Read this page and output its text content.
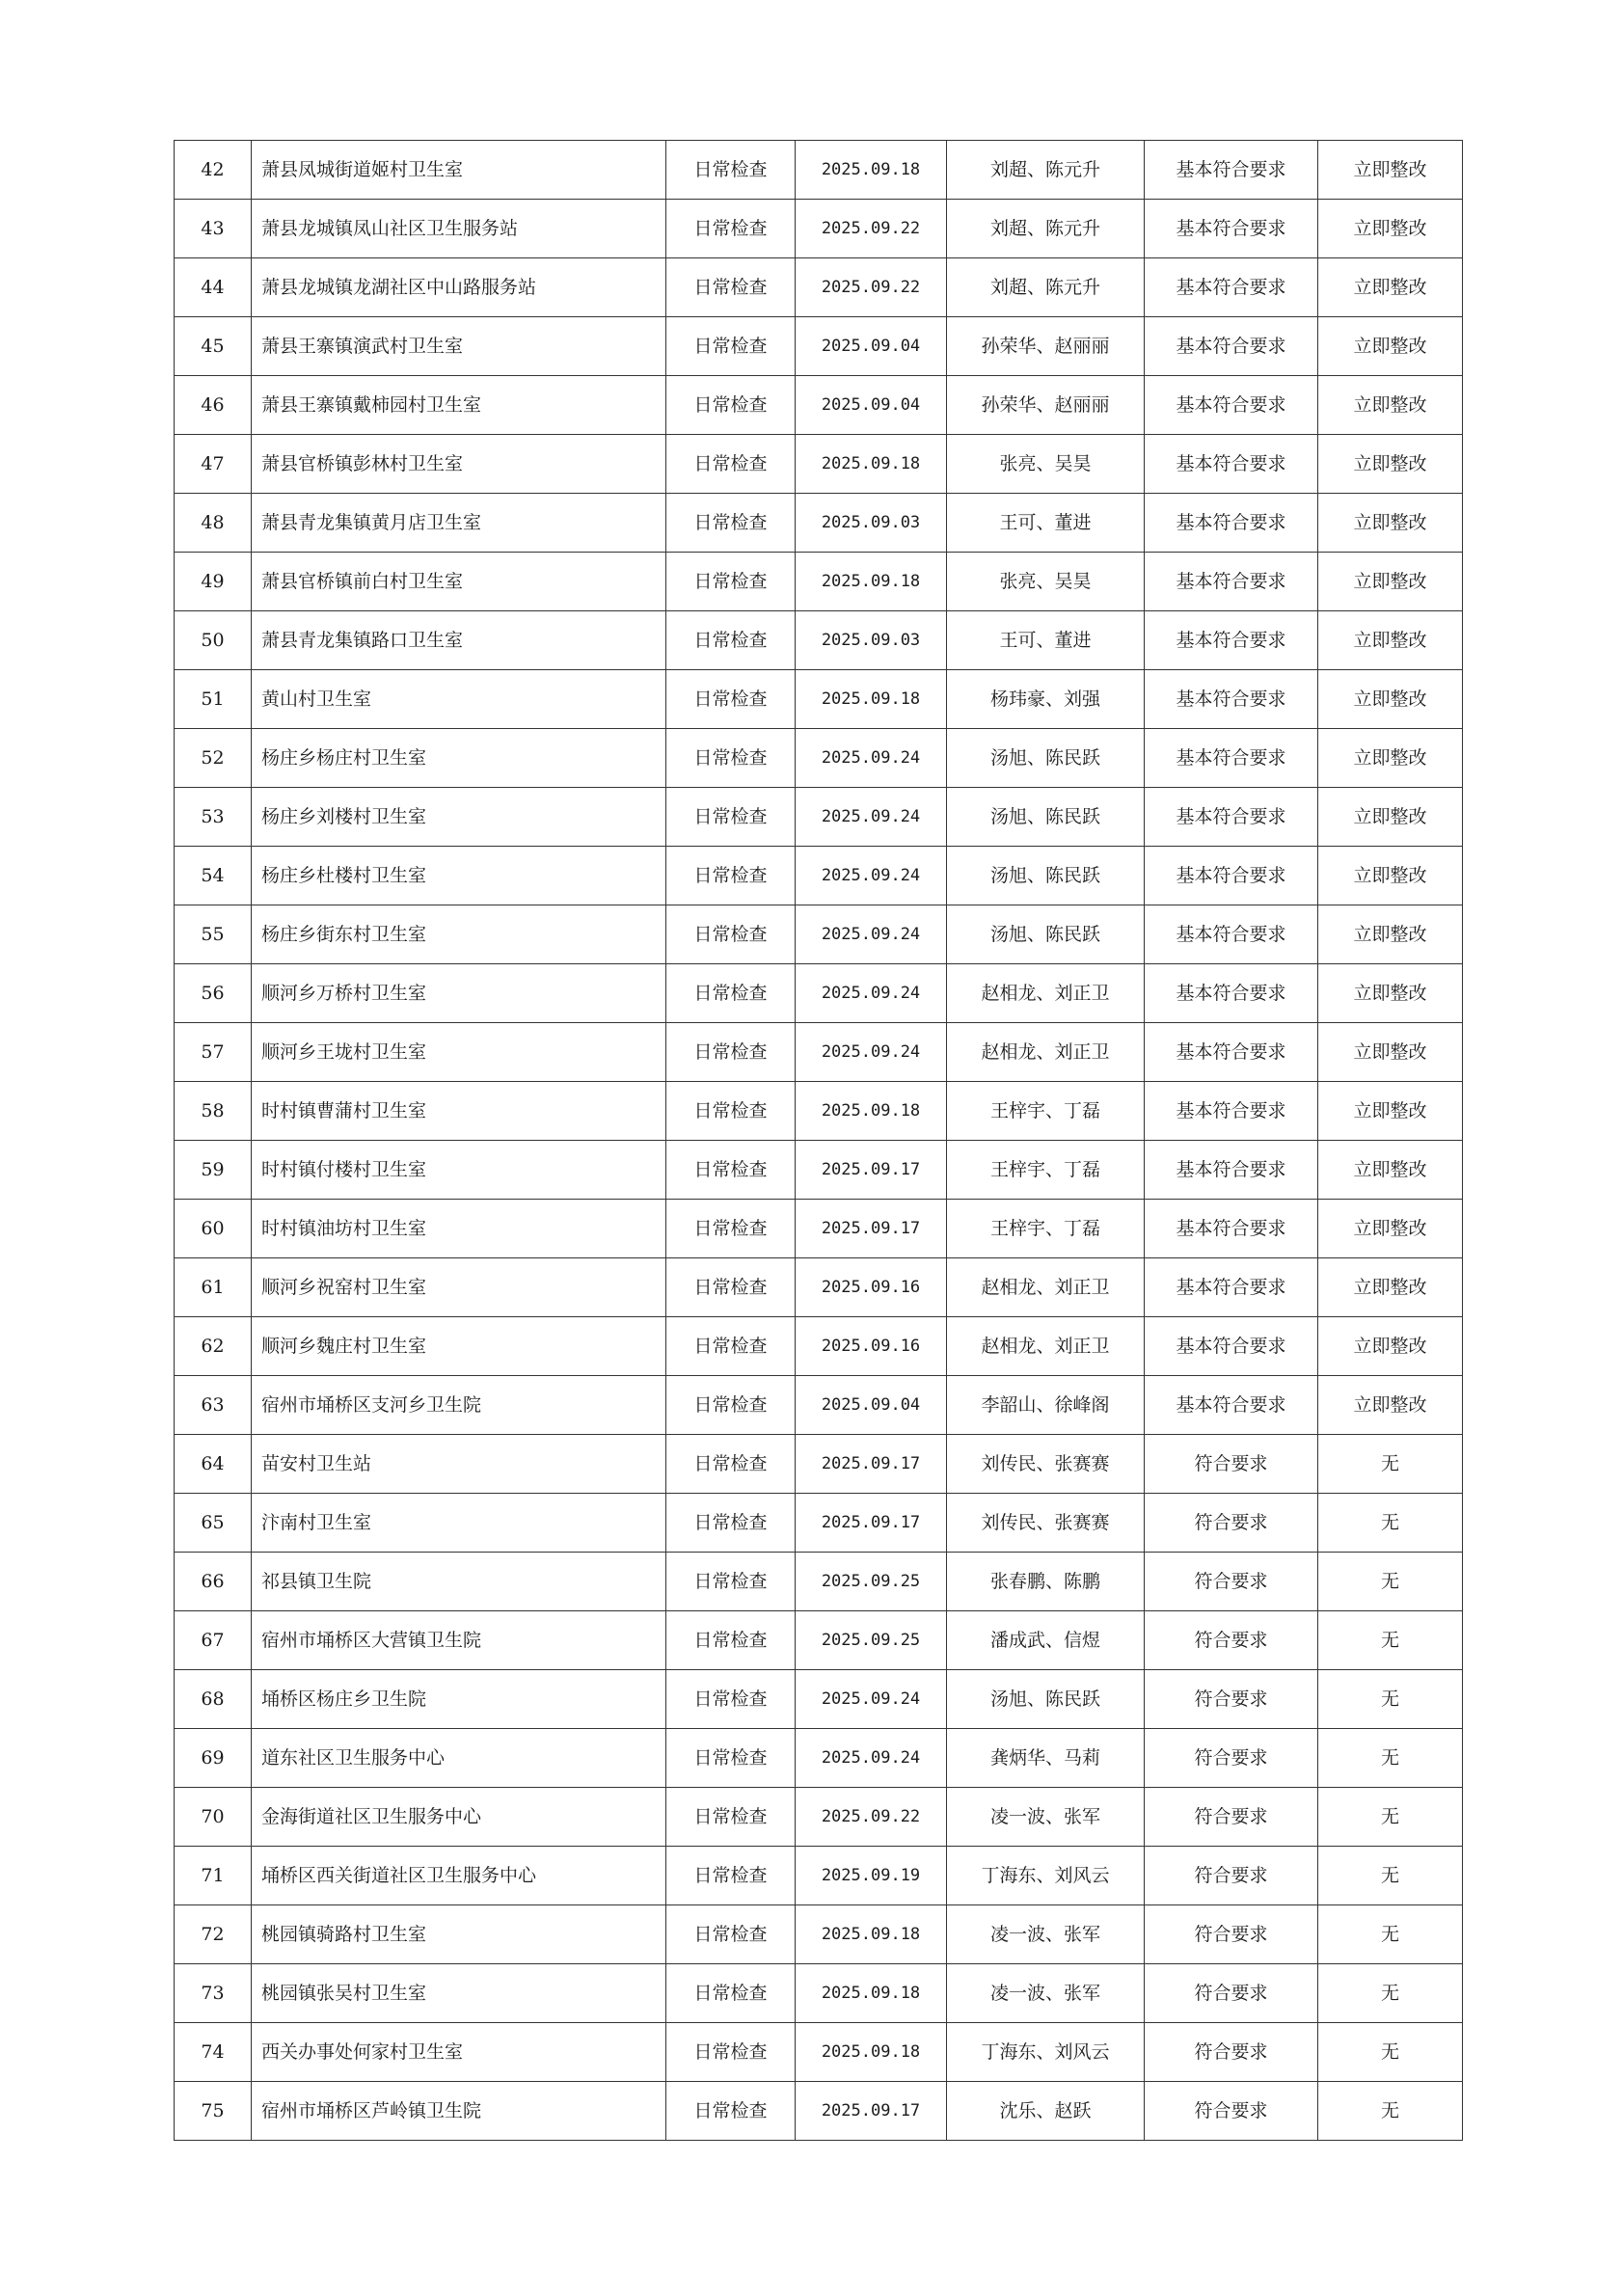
42	萧县凤城街道姬村卫生室	日常检查	2025.09.18	刘超、陈元升	基本符合要求	立即整改
43	萧县龙城镇凤山社区卫生服务站	日常检查	2025.09.22	刘超、陈元升	基本符合要求	立即整改
44	萧县龙城镇龙湖社区中山路服务站	日常检查	2025.09.22	刘超、陈元升	基本符合要求	立即整改
45	萧县王寨镇演武村卫生室	日常检查	2025.09.04	孙荣华、赵丽丽	基本符合要求	立即整改
46	萧县王寨镇戴柿园村卫生室	日常检查	2025.09.04	孙荣华、赵丽丽	基本符合要求	立即整改
47	萧县官桥镇彭林村卫生室	日常检查	2025.09.18	张亮、吴昊	基本符合要求	立即整改
48	萧县青龙集镇黄月店卫生室	日常检查	2025.09.03	王可、董进	基本符合要求	立即整改
49	萧县官桥镇前白村卫生室	日常检查	2025.09.18	张亮、吴昊	基本符合要求	立即整改
50	萧县青龙集镇路口卫生室	日常检查	2025.09.03	王可、董进	基本符合要求	立即整改
51	黄山村卫生室	日常检查	2025.09.18	杨玮豪、刘强	基本符合要求	立即整改
52	杨庄乡杨庄村卫生室	日常检查	2025.09.24	汤旭、陈民跃	基本符合要求	立即整改
53	杨庄乡刘楼村卫生室	日常检查	2025.09.24	汤旭、陈民跃	基本符合要求	立即整改
54	杨庄乡杜楼村卫生室	日常检查	2025.09.24	汤旭、陈民跃	基本符合要求	立即整改
55	杨庄乡街东村卫生室	日常检查	2025.09.24	汤旭、陈民跃	基本符合要求	立即整改
56	顺河乡万桥村卫生室	日常检查	2025.09.24	赵相龙、刘正卫	基本符合要求	立即整改
57	顺河乡王垅村卫生室	日常检查	2025.09.24	赵相龙、刘正卫	基本符合要求	立即整改
58	时村镇曹蒲村卫生室	日常检查	2025.09.18	王梓宇、丁磊	基本符合要求	立即整改
59	时村镇付楼村卫生室	日常检查	2025.09.17	王梓宇、丁磊	基本符合要求	立即整改
60	时村镇油坊村卫生室	日常检查	2025.09.17	王梓宇、丁磊	基本符合要求	立即整改
61	顺河乡祝窑村卫生室	日常检查	2025.09.16	赵相龙、刘正卫	基本符合要求	立即整改
62	顺河乡魏庄村卫生室	日常检查	2025.09.16	赵相龙、刘正卫	基本符合要求	立即整改
63	宿州市埇桥区支河乡卫生院	日常检查	2025.09.04	李韶山、徐峰阁	基本符合要求	立即整改
64	苗安村卫生站	日常检查	2025.09.17	刘传民、张赛赛	符合要求	无
65	汴南村卫生室	日常检查	2025.09.17	刘传民、张赛赛	符合要求	无
66	祁县镇卫生院	日常检查	2025.09.25	张春鹏、陈鹏	符合要求	无
67	宿州市埇桥区大营镇卫生院	日常检查	2025.09.25	潘成武、信煜	符合要求	无
68	埇桥区杨庄乡卫生院	日常检查	2025.09.24	汤旭、陈民跃	符合要求	无
69	道东社区卫生服务中心	日常检查	2025.09.24	龚炳华、马莉	符合要求	无
70	金海街道社区卫生服务中心	日常检查	2025.09.22	凌一波、张军	符合要求	无
71	埇桥区西关街道社区卫生服务中心	日常检查	2025.09.19	丁海东、刘风云	符合要求	无
72	桃园镇骑路村卫生室	日常检查	2025.09.18	凌一波、张军	符合要求	无
73	桃园镇张吴村卫生室	日常检查	2025.09.18	凌一波、张军	符合要求	无
74	西关办事处何家村卫生室	日常检查	2025.09.18	丁海东、刘风云	符合要求	无
75	宿州市埇桥区芦岭镇卫生院	日常检查	2025.09.17	沈乐、赵跃	符合要求	无
